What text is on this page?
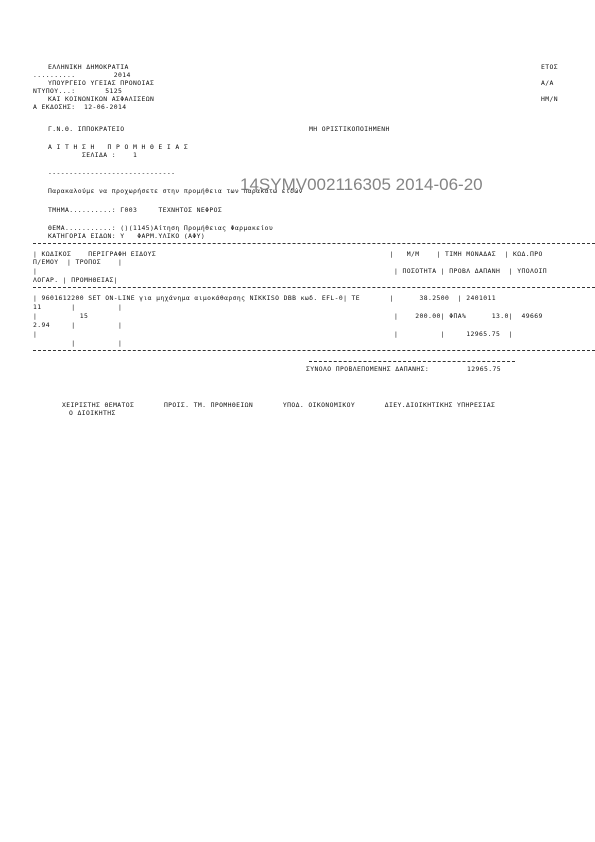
ΕΛΛΗΝΙΚΗ ΔΗΜΟΚΡΑΤΙΑ	ΕΤΟΣ
..........         2014
ΥΠΟΥΡΓΕΙΟ ΥΓΕΙΑΣ ΠΡΟΝΟΙΑΣ	Α/Α
ΝΤΥΠΟΥ...:       5125
ΚΑΙ ΚΟΙΝΩΝΙΚΩΝ ΑΣΦΑΛΙΣΕΩΝ	ΗΜ/Ν
Α ΕΚΔΟΣΗΣ:  12-06-2014
Γ.Ν.Θ. ΙΠΠΟΚΡΑΤΕΙΟ	ΜΗ ΟΡΙΣΤΙΚΟΠΟΙΗΜΕΝΗ
Α Ι Τ Η Σ Η   Π Ρ Ο Μ Η Θ Ε Ι Α Σ
ΣΕΛΙΔΑ :    1
------------------------------
Παρακαλούμε να προχωρήσετε στην προμήθεια των παρακάτω ειδών
14SYMV002116305 2014-06-20
ΤΜΗΜΑ..........: Γ003     ΤΕΧΝΗΤΟΣ ΝΕΦΡΟΣ
ΘΕΜΑ...........: ()(1145)Αίτηση Προμήθειας Φαρμακείου
ΚΑΤΗΓΟΡΙΑ ΕΙΔΩΝ: Υ   ΦΑΡΜ.ΥΛΙΚΟ (ΑΦΥ)
| ΚΩΔΙΚΟΣ    ΠΕΡΙΓΡΑΦΗ ΕΙΔΟΥΣ                                                       |   Μ/Μ    | ΤΙΜΗ ΜΟΝΑΔΑΣ  | ΚΩΔ.ΠΡΟ
Π/ΕΜΟΥ  | ΤΡΟΠΟΣ    |
|                                                                                    | ΠΟΣΟΤΗΤΑ | ΠΡΟΒΛ ΔΑΠΑΝΗ  | ΥΠΟΛΟΙΠ
ΛΟΓΑΡ. | ΠΡΟΜΗΘΕΙΑΣ|
| 9601612200 SET ON-LINE για μηχάνημα αιμοκάθαρσης NIKKISO DBB κωδ. EFL-0| ΤΕ       |      38.2500  | 2401011
11       |          |
|          15                                                                        |    200.00| ΦΠΑ%      13.0|  49669
2.94     |          |
|                                                                                    |          |     12965.75  |
|          |
ΣΥΝΟΛΟ ΠΡΟΒΛΕΠΟΜΕΝΗΣ ΔΑΠΑΝΗΣ:	12965.75
ΧΕΙΡΙΣΤΗΣ ΘΕΜΑΤΟΣ       ΠΡΟΙΣ. ΤΜ. ΠΡΟΜΗΘΕΙΩΝ       ΥΠΟΔ. ΟΙΚΟΝΟΜΙΚΟΥ       ΔΙΕΥ.ΔΙΟΙΚΗΤΙΚΗΣ ΥΠΗΡΕΣΙΑΣ
Ο ΔΙΟΙΚΗΤΗΣ
